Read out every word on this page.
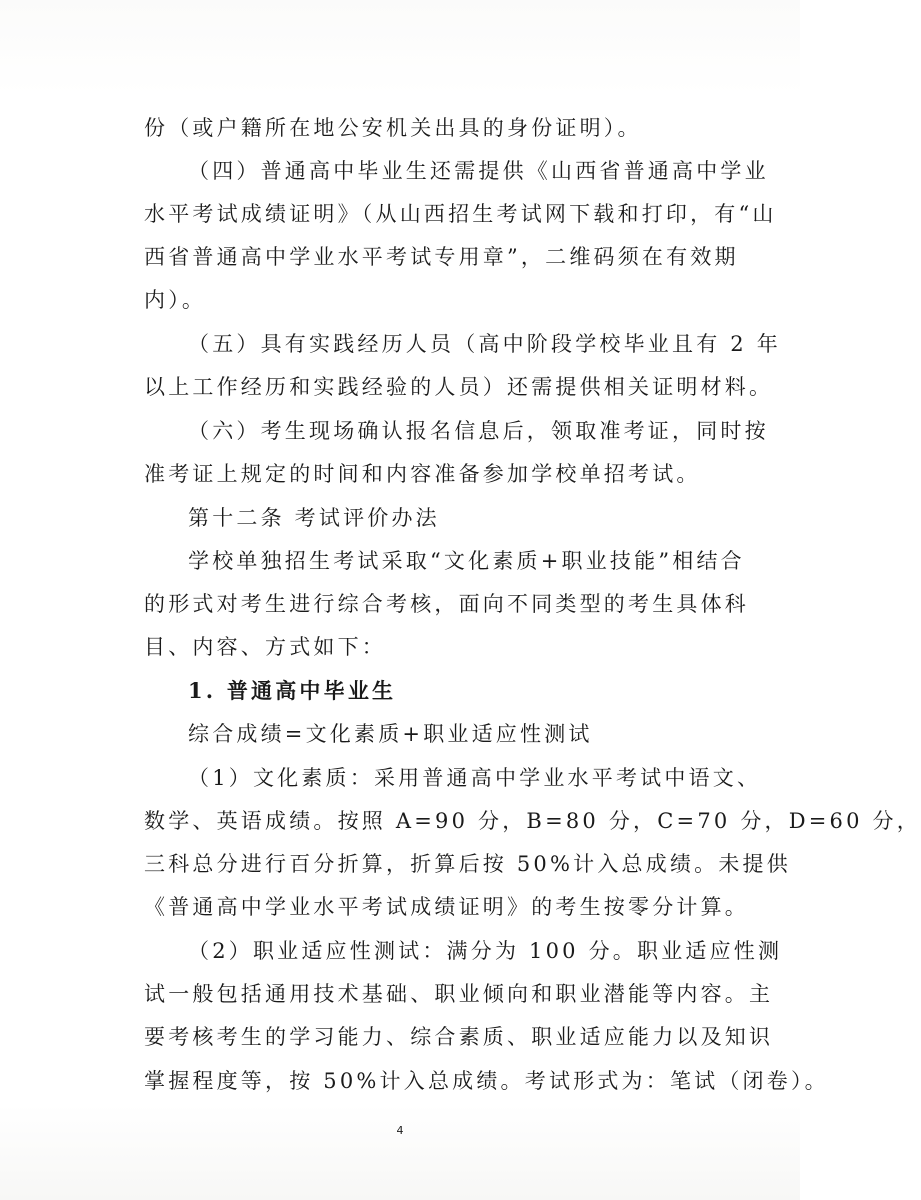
份（或户籍所在地公安机关出具的身份证明）。
（四）普通高中毕业生还需提供《山西省普通高中学业
水平考试成绩证明》（从山西招生考试网下载和打印，有“山
西省普通高中学业水平考试专用章”，二维码须在有效期
内）。
（五）具有实践经历人员（高中阶段学校毕业且有 2 年
以上工作经历和实践经验的人员）还需提供相关证明材料。
（六）考生现场确认报名信息后，领取准考证，同时按
准考证上规定的时间和内容准备参加学校单招考试。
第十二条 考试评价办法
学校单独招生考试采取“文化素质+职业技能”相结合
的形式对考生进行综合考核，面向不同类型的考生具体科
目、内容、方式如下：
1. 普通高中毕业生
综合成绩=文化素质+职业适应性测试
（1）文化素质：采用普通高中学业水平考试中语文、
数学、英语成绩。按照 A=90 分，B=80 分，C=70 分，D=60 分，
三科总分进行百分折算，折算后按 50%计入总成绩。未提供
《普通高中学业水平考试成绩证明》的考生按零分计算。
（2）职业适应性测试：满分为 100 分。职业适应性测
试一般包括通用技术基础、职业倾向和职业潜能等内容。主
要考核考生的学习能力、综合素质、职业适应能力以及知识
掌握程度等，按 50%计入总成绩。考试形式为：笔试（闭卷）。
4
